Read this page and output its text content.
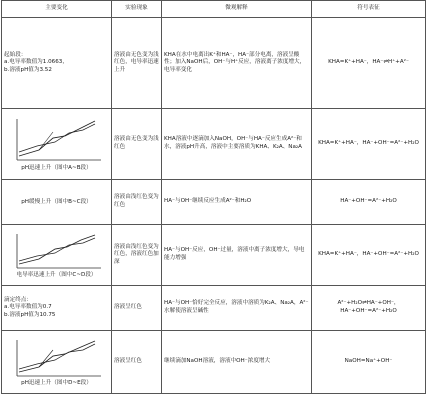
主要变化	实验现象	微观解释	符号表征

起始段：
a.电导率数值为1.0663，
b.溶液pH值为3.52	溶液由无色变为浅红色，电导率迅速上升	KHA在水中电离出K⁺和HA⁻，HA⁻部分电离，溶液呈酸性；加入NaOH后，OH⁻与H⁺反应，溶液离子浓度增大，电导率变化	KHA=K⁺+HA⁻，HA⁻⇌H⁺+A²⁻

pH迅速上升（图中A~B段）	溶液由无色变为浅红色	KHA溶液中逐滴加入NaOH，OH⁻与HA⁻反应生成A²⁻和水，溶液pH升高，溶液中主要溶质为KHA、K₂A、Na₂A	KHA=K⁺+HA⁻，HA⁻+OH⁻=A²⁻+H₂O

pH缓慢上升（图中B~C段）	溶液由浅红色变为红色	HA⁻与OH⁻继续反应生成A²⁻和H₂O	HA⁻+OH⁻=A²⁻+H₂O

电导率迅速上升（图中C~D段）	溶液由浅红色变为红色，溶液红色加深	HA⁻与OH⁻反应，OH⁻过量，溶液中离子浓度增大，导电能力增强	KHA=K⁺+HA⁻，HA⁻+OH⁻=A²⁻+H₂O

滴定终点：
a.电导率数值为0.7
b.溶液pH值为10.75	溶液呈红色	HA⁻与OH⁻恰好完全反应，溶液中溶质为K₂A、Na₂A，A²⁻水解使溶液呈碱性	A²⁻+H₂O⇌HA⁻+OH⁻，HA⁻+OH⁻=A²⁻+H₂O

pH迅速上升（图中D~E段）	溶液呈红色	继续滴加NaOH溶液，溶液中OH⁻浓度增大	NaOH=Na⁺+OH⁻
